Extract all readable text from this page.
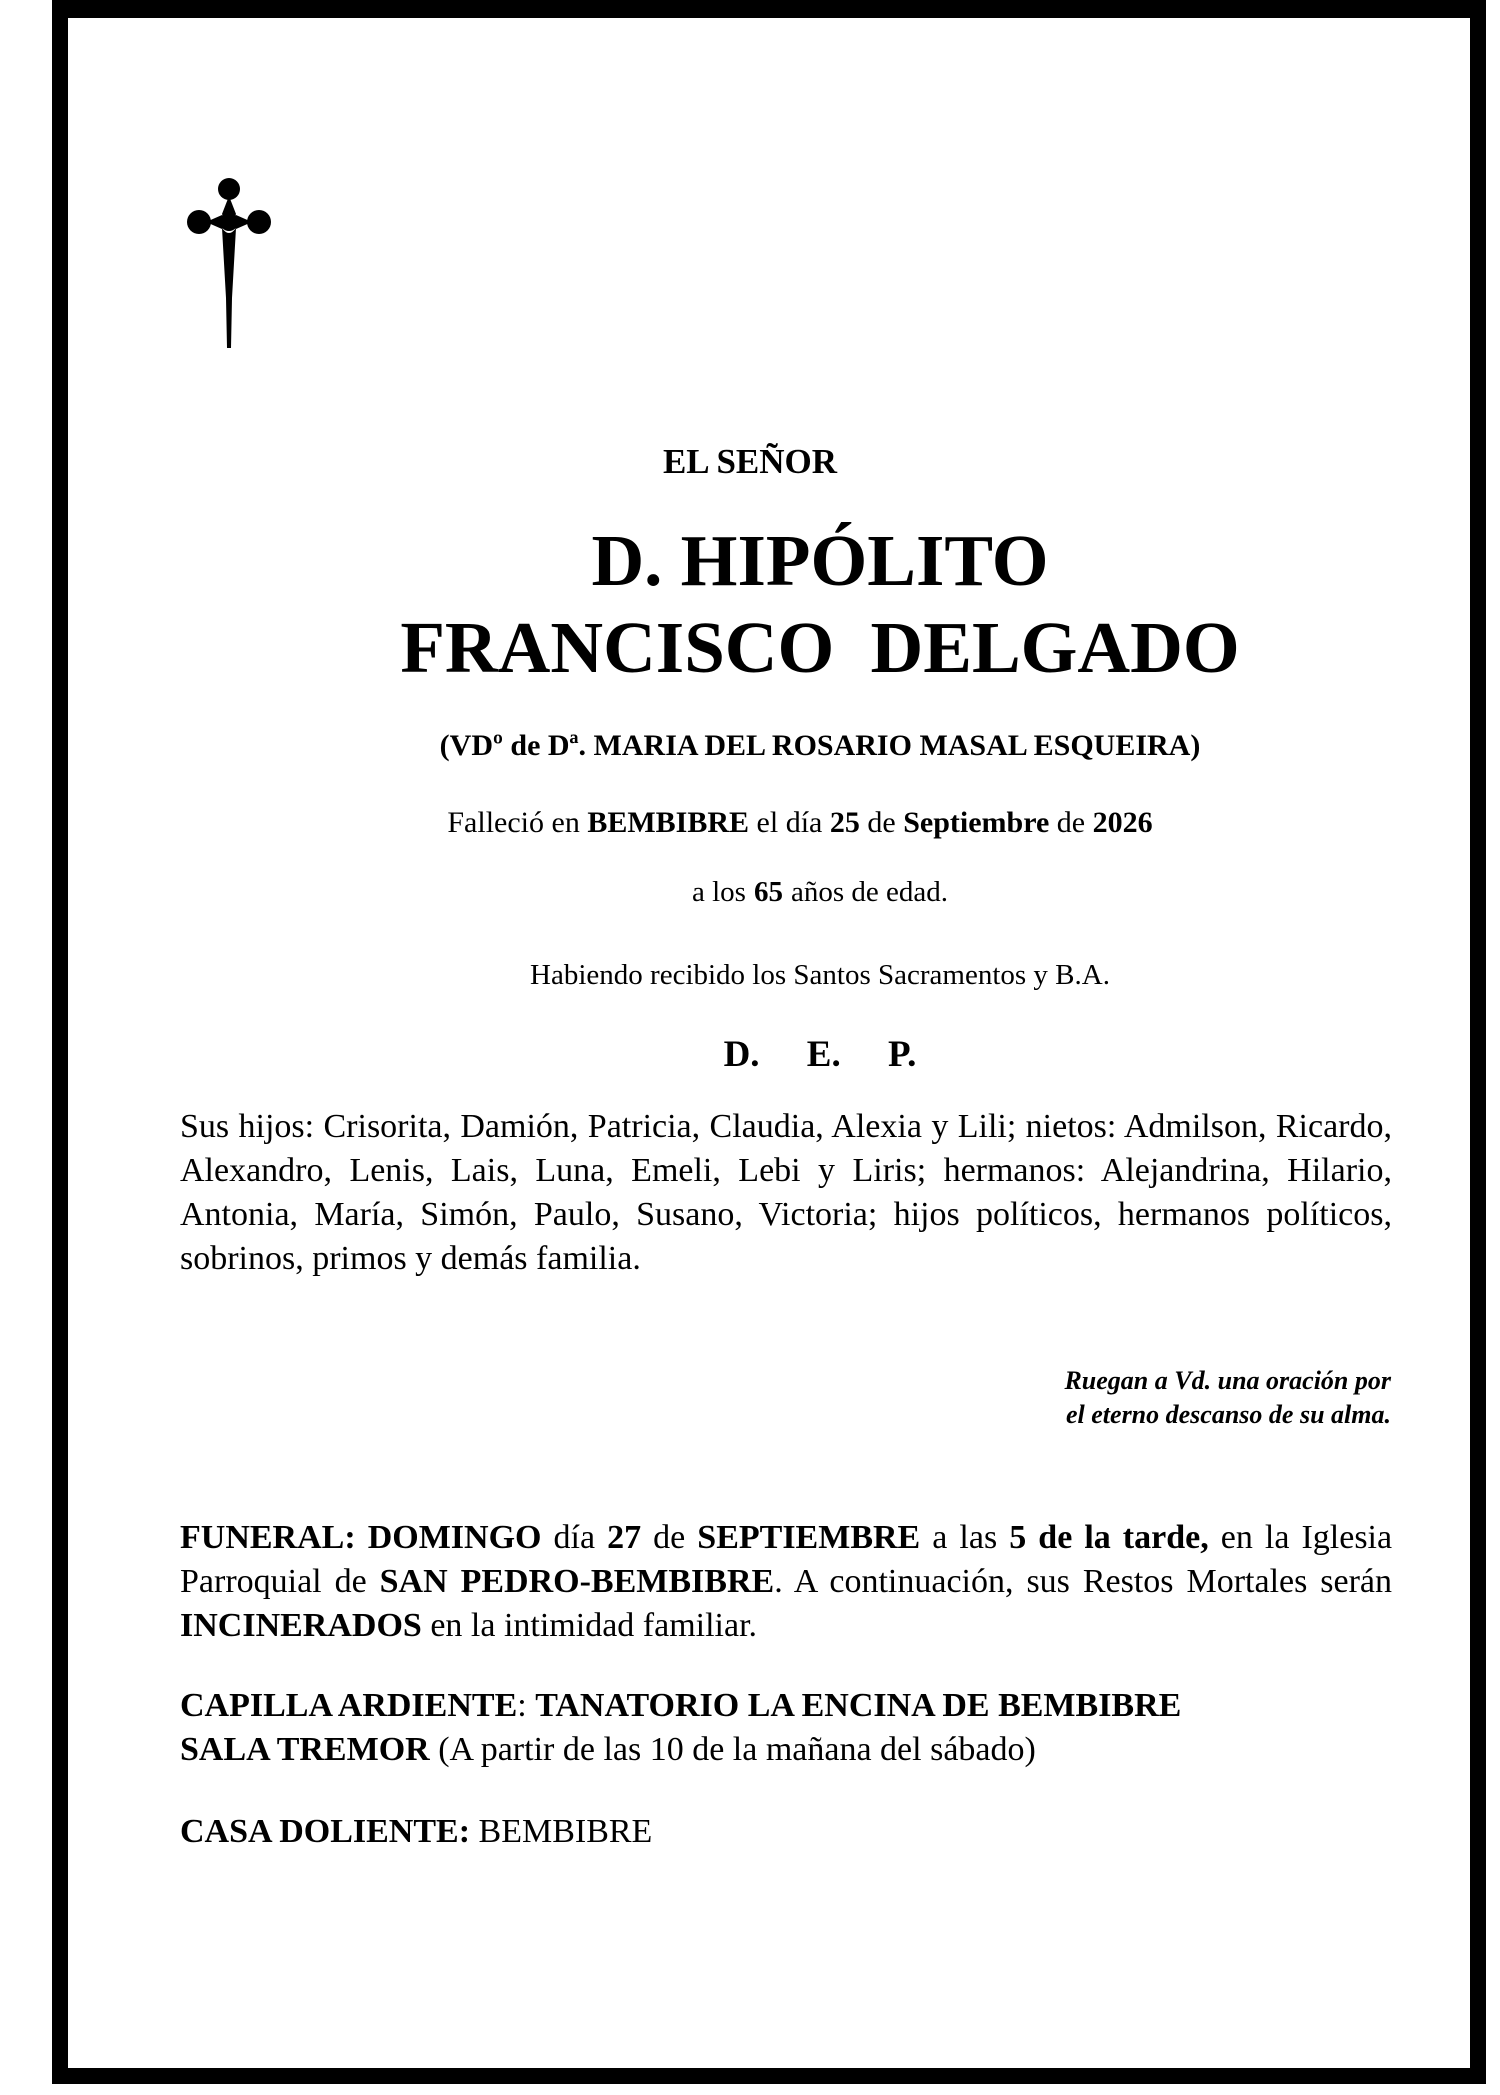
EL SEÑOR
D. HIPÓLITO
FRANCISCO DELGADO
(VDº de Dª. MARIA DEL ROSARIO MASAL ESQUEIRA)
Falleció en BEMBIBRE el día 25 de Septiembre de 2026
a los 65 años de edad.
Habiendo recibido los Santos Sacramentos y B.A.
D. E. P.
Sus hijos: Crisorita, Damión, Patricia, Claudia, Alexia y Lili; nietos: Admilson, Ricardo, Alexandro, Lenis, Lais, Luna, Emeli, Lebi y Liris; hermanos: Alejandrina, Hilario, Antonia, María, Simón, Paulo, Susano, Victoria; hijos políticos, hermanos políticos, sobrinos, primos y demás familia.
Ruegan a Vd. una oración por
el eterno descanso de su alma.
FUNERAL: DOMINGO día 27 de SEPTIEMBRE a las 5 de la tarde, en la Iglesia Parroquial de SAN PEDRO-BEMBIBRE. A continuación, sus Restos Mortales serán INCINERADOS en la intimidad familiar.
CAPILLA ARDIENTE: TANATORIO LA ENCINA DE BEMBIBRE
SALA TREMOR (A partir de las 10 de la mañana del sábado)
CASA DOLIENTE: BEMBIBRE
